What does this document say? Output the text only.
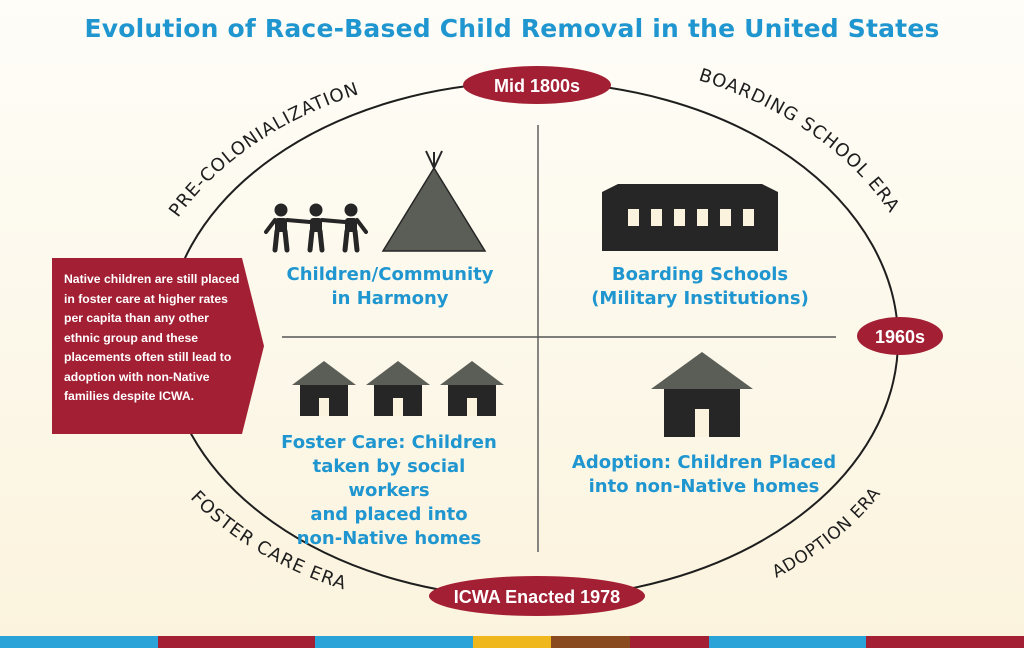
Evolution of Race-Based Child Removal in the United States
PRE-COLONIALIZATION
BOARDING SCHOOL ERA
FOSTER CARE ERA	ADOPTION ERA
Mid 1800s
1960s
ICWA Enacted 1978
Children/Community
in Harmony
Boarding Schools
(Military Institutions)
Foster Care: Children
taken by social workers
and placed into
non-Native homes
Adoption: Children Placed
into non-Native homes
Native children are still placed in foster care at higher rates per capita than any other ethnic group and these placements often still lead to adoption with non-Native families despite ICWA.
